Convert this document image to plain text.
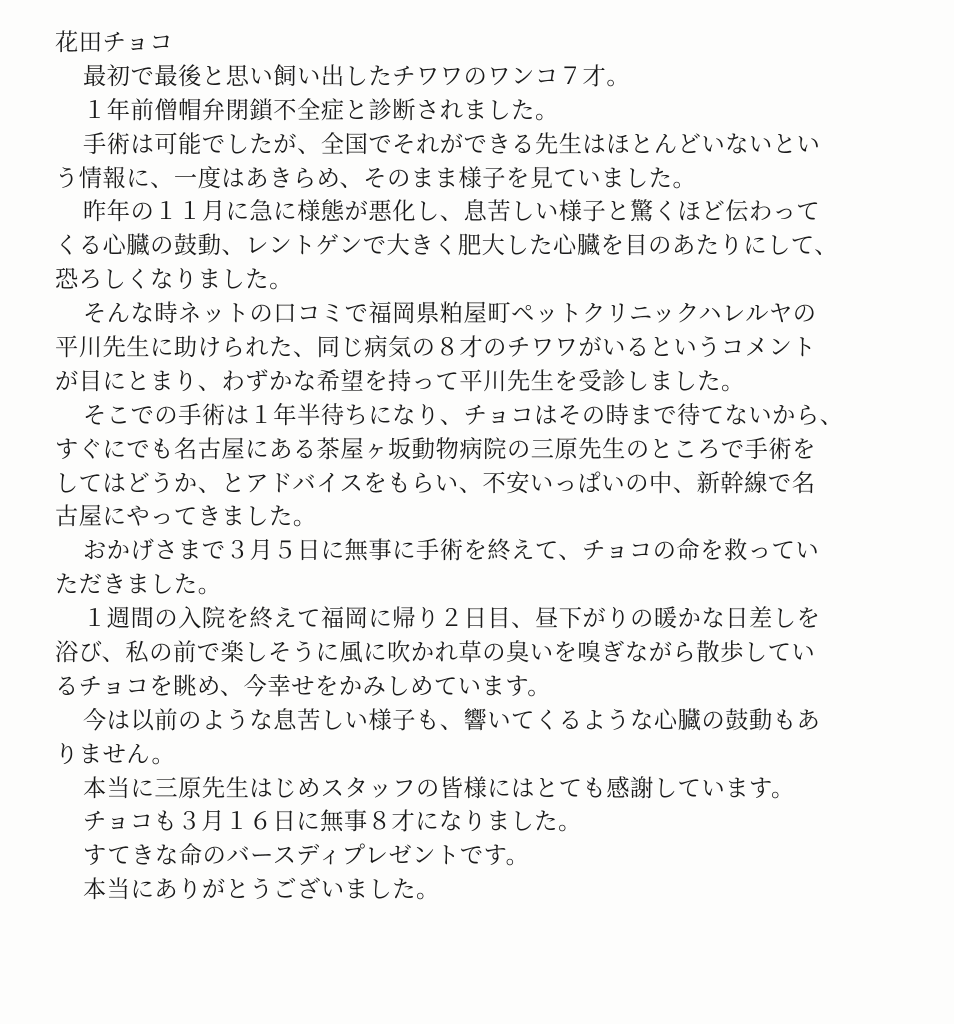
花田チョコ
最初で最後と思い飼い出したチワワのワンコ７才。
１年前僧帽弁閉鎖不全症と診断されました。
手術は可能でしたが、全国でそれができる先生はほとんどいないとい
う情報に、一度はあきらめ、そのまま様子を見ていました。
昨年の１１月に急に様態が悪化し、息苦しい様子と驚くほど伝わって
くる心臓の鼓動、レントゲンで大きく肥大した心臓を目のあたりにして、
恐ろしくなりました。
そんな時ネットの口コミで福岡県粕屋町ペットクリニックハレルヤの
平川先生に助けられた、同じ病気の８才のチワワがいるというコメント
が目にとまり、わずかな希望を持って平川先生を受診しました。
そこでの手術は１年半待ちになり、チョコはその時まで待てないから、
すぐにでも名古屋にある茶屋ヶ坂動物病院の三原先生のところで手術を
してはどうか、とアドバイスをもらい、不安いっぱいの中、新幹線で名
古屋にやってきました。
おかげさまで３月５日に無事に手術を終えて、チョコの命を救ってい
ただきました。
１週間の入院を終えて福岡に帰り２日目、昼下がりの暖かな日差しを
浴び、私の前で楽しそうに風に吹かれ草の臭いを嗅ぎながら散歩してい
るチョコを眺め、今幸せをかみしめています。
今は以前のような息苦しい様子も、響いてくるような心臓の鼓動もあ
りません。
本当に三原先生はじめスタッフの皆様にはとても感謝しています。
チョコも３月１６日に無事８才になりました。
すてきな命のバースディプレゼントです。
本当にありがとうございました。
